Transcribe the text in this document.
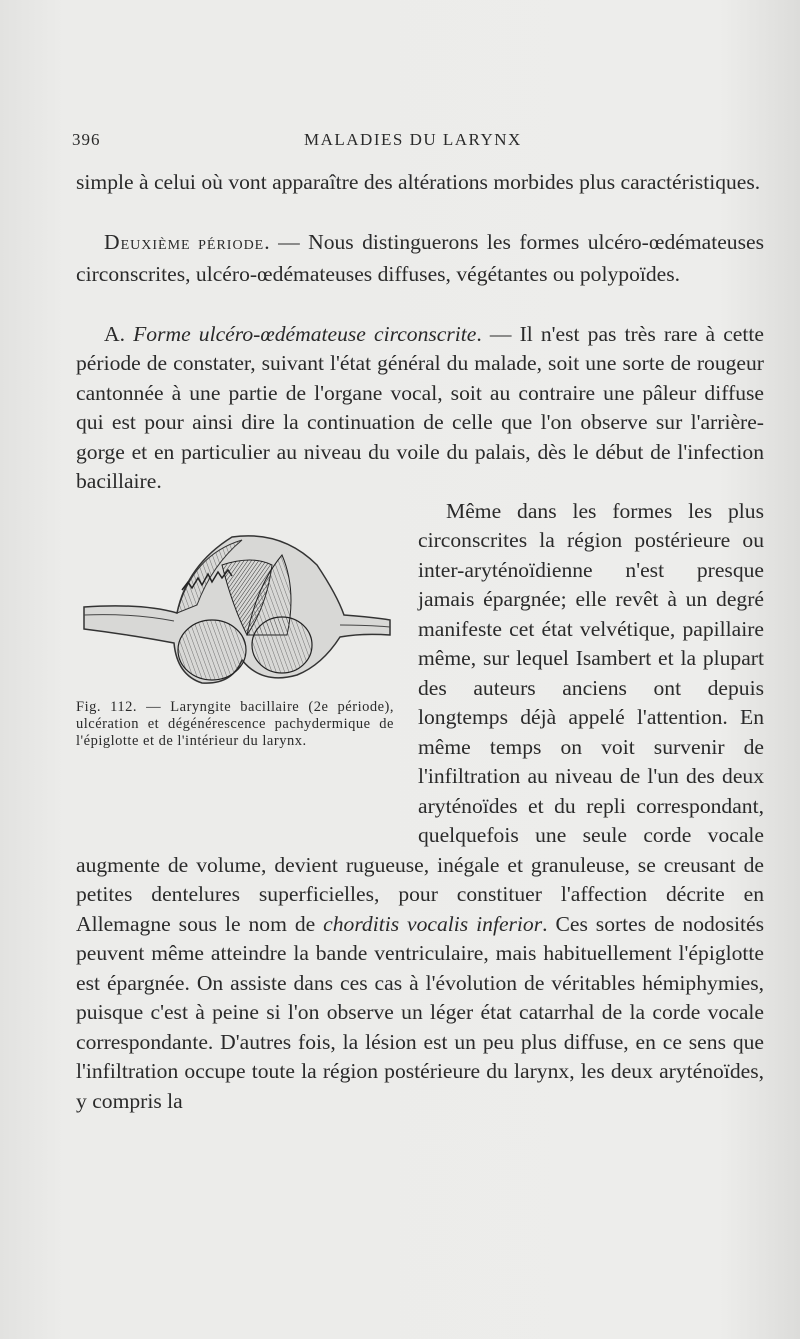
396	MALADIES DU LARYNX

simple à celui où vont apparaître des altérations morbides plus caractéristiques.

DEUXIÈME PÉRIODE. — Nous distinguerons les formes ulcéro-œdémateuses circonscrites, ulcéro-œdémateuses diffuses, végétantes ou polypoïdes.

A. Forme ulcéro-œdémateuse circonscrite. — Il n'est pas très rare à cette période de constater, suivant l'état général du malade, soit une sorte de rougeur cantonnée à une partie de l'organe vocal, soit au contraire une pâleur diffuse qui est pour ainsi dire la continuation de celle que l'on observe sur l'arrière-gorge et en particulier au niveau du voile du palais, dès le début de l'infection bacillaire.

Fig. 112. — Laryngite bacillaire (2e période), ulcération et dégénérescence pachydermique de l'épiglotte et de l'intérieur du larynx.

Même dans les formes les plus circonscrites la région postérieure ou inter-aryténoïdienne n'est presque jamais épargnée; elle revêt à un degré manifeste cet état velvétique, papillaire même, sur lequel Isambert et la plupart des auteurs anciens ont depuis longtemps déjà appelé l'attention. En même temps on voit survenir de l'infiltration au niveau de l'un des deux aryténoïdes et du repli correspondant, quelquefois une seule corde vocale augmente de volume, devient rugueuse, inégale et granuleuse, se creusant de petites dentelures superficielles, pour constituer l'affection décrite en Allemagne sous le nom de chorditis vocalis inferior. Ces sortes de nodosités peuvent même atteindre la bande ventriculaire, mais habituellement l'épiglotte est épargnée. On assiste dans ces cas à l'évolution de véritables hémiphymies, puisque c'est à peine si l'on observe un léger état catarrhal de la corde vocale correspondante. D'autres fois, la lésion est un peu plus diffuse, en ce sens que l'infiltration occupe toute la région postérieure du larynx, les deux aryténoïdes, y compris la
